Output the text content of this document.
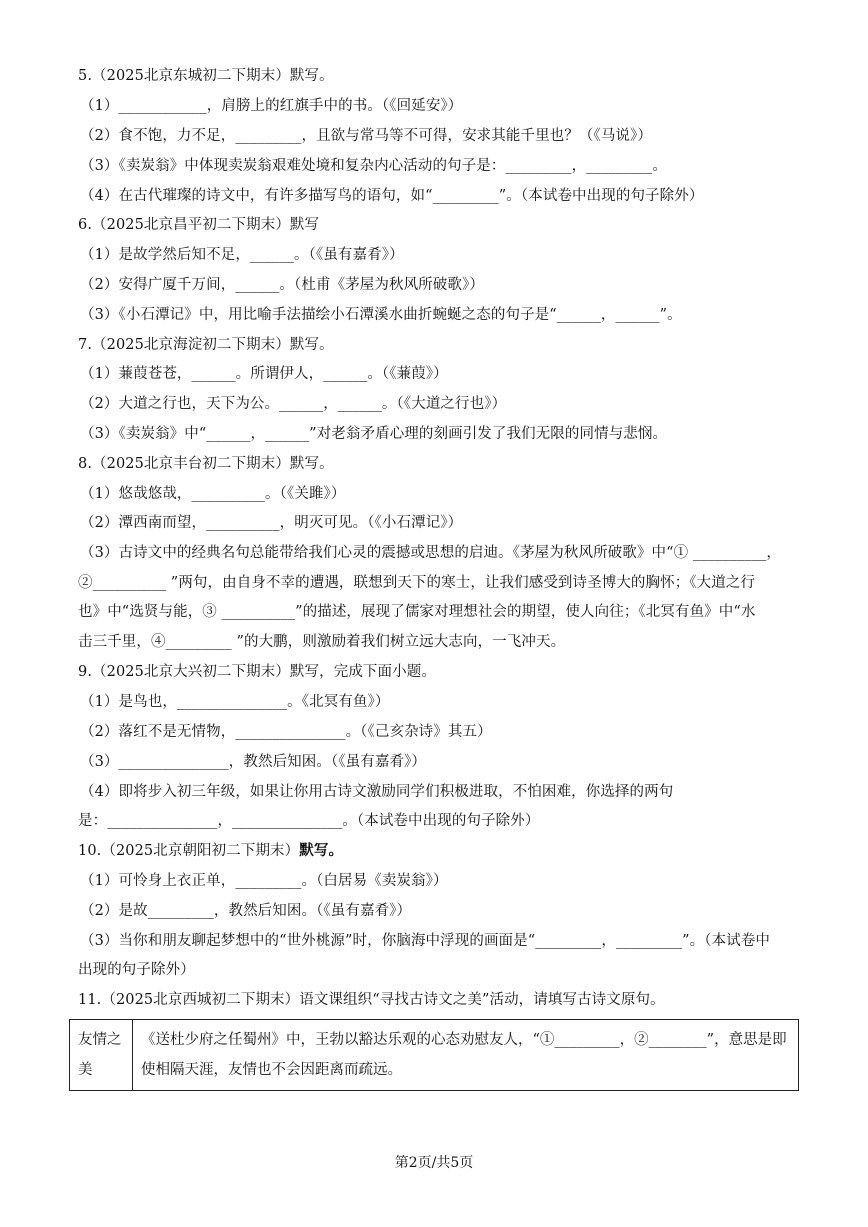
5.（2025北京东城初二下期末）默写。
（1）____________，肩膀上的红旗手中的书。（《回延安》）
（2）食不饱，力不足，_________，且欲与常马等不可得，安求其能千里也？（《马说》）
（3）《卖炭翁》中体现卖炭翁艰难处境和复杂内心活动的句子是：_________，_________。
（4）在古代璀璨的诗文中，有许多描写鸟的语句，如“_________”。（本试卷中出现的句子除外）
6.（2025北京昌平初二下期末）默写
（1）是故学然后知不足，______。（《虽有嘉肴》）
（2）安得广厦千万间，______。（杜甫《茅屋为秋风所破歌》）
（3）《小石潭记》中，用比喻手法描绘小石潭溪水曲折蜿蜒之态的句子是“______，______”。
7.（2025北京海淀初二下期末）默写。
（1）蒹葭苍苍，______。所谓伊人，______。（《蒹葭》）
（2）大道之行也，天下为公。______，______。（《大道之行也》）
（3）《卖炭翁》中“______，______”对老翁矛盾心理的刻画引发了我们无限的同情与悲悯。
8.（2025北京丰台初二下期末）默写。
（1）悠哉悠哉，__________。（《关雎》）
（2）潭西南而望，__________，明灭可见。（《小石潭记》）
（3）古诗文中的经典名句总能带给我们心灵的震撼或思想的启迪。《茅屋为秋风所破歌》中“① __________，
②__________ ”两句，由自身不幸的遭遇，联想到天下的寒士，让我们感受到诗圣博大的胸怀；《大道之行
也》中“选贤与能，③ __________”的描述，展现了儒家对理想社会的期望，使人向往；《北冥有鱼》中“水
击三千里，④_________ ”的大鹏，则激励着我们树立远大志向，一飞冲天。
9.（2025北京大兴初二下期末）默写，完成下面小题。
（1）是鸟也，_______________。《北冥有鱼》）
（2）落红不是无情物，_______________。（《己亥杂诗》其五）
（3）_______________，教然后知困。（《虽有嘉肴》）
（4）即将步入初三年级，如果让你用古诗文激励同学们积极进取，不怕困难，你选择的两句
是：_______________，_______________。（本试卷中出现的句子除外）
10.（2025北京朝阳初二下期末）默写。
（1）可怜身上衣正单，_________。（白居易《卖炭翁》）
（2）是故_________，教然后知困。（《虽有嘉肴》）
（3）当你和朋友聊起梦想中的“世外桃源”时，你脑海中浮现的画面是“_________，_________”。（本试卷中
出现的句子除外）
11.（2025北京西城初二下期末）语文课组织“寻找古诗文之美”活动，请填写古诗文原句。
友情之美	《送杜少府之任蜀州》中，王勃以豁达乐观的心态劝慰友人，“①_________，②________”，意思是即使相隔天涯，友情也不会因距离而疏远。
第2页/共5页
